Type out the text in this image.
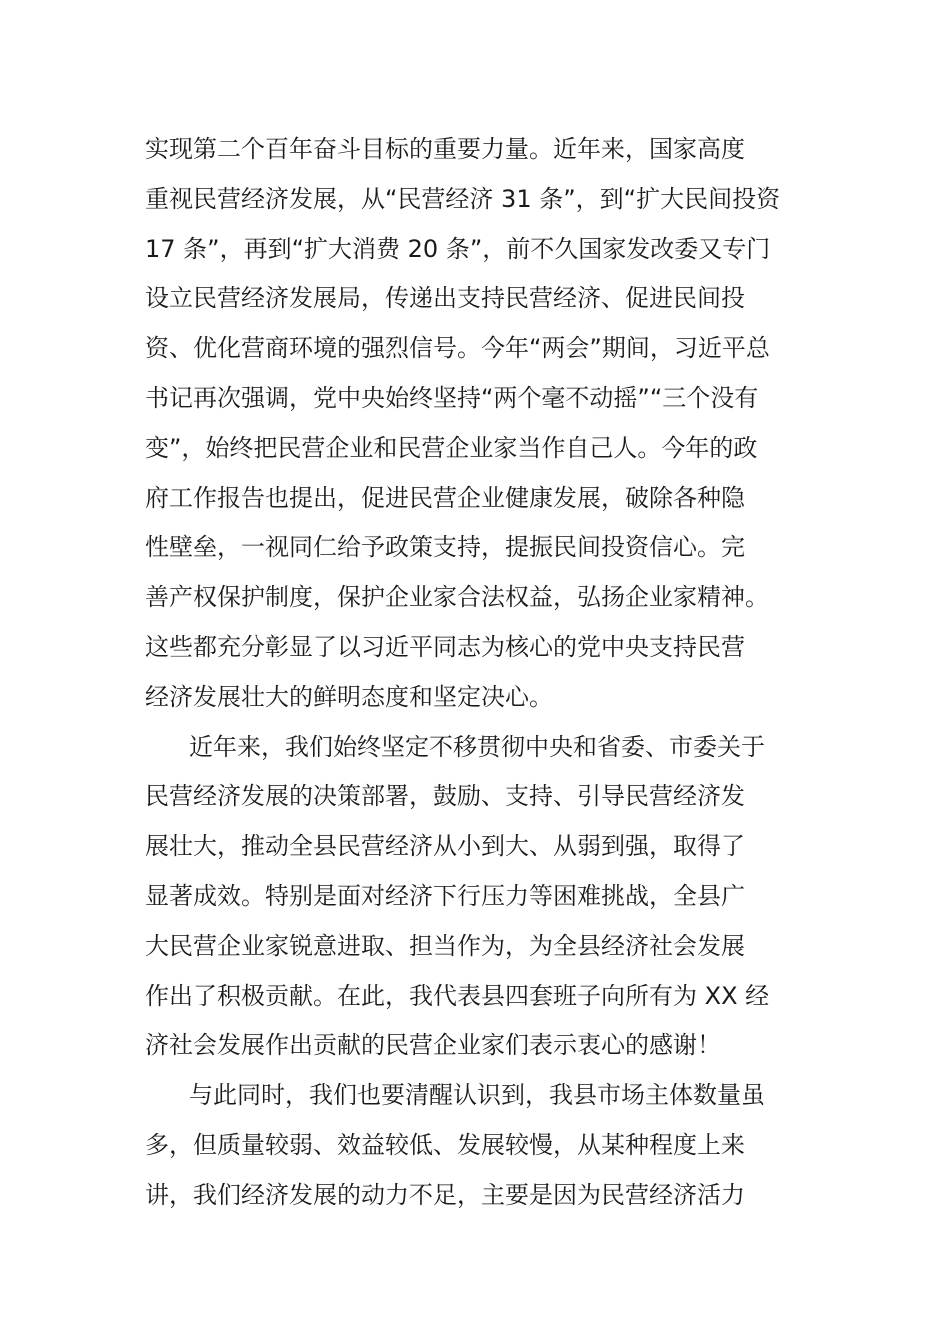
实现第二个百年奋斗目标的重要力量。近年来，国家高度
重视民营经济发展，从“民营经济 31 条”，到“扩大民间投资
17 条”，再到“扩大消费 20 条”，前不久国家发改委又专门
设立民营经济发展局，传递出支持民营经济、促进民间投
资、优化营商环境的强烈信号。今年“两会”期间，习近平总
书记再次强调，党中央始终坚持“两个毫不动摇”“三个没有
变”，始终把民营企业和民营企业家当作自己人。今年的政
府工作报告也提出，促进民营企业健康发展，破除各种隐
性壁垒，一视同仁给予政策支持，提振民间投资信心。完
善产权保护制度，保护企业家合法权益，弘扬企业家精神。
这些都充分彰显了以习近平同志为核心的党中央支持民营
经济发展壮大的鲜明态度和坚定决心。
近年来，我们始终坚定不移贯彻中央和省委、市委关于
民营经济发展的决策部署，鼓励、支持、引导民营经济发
展壮大，推动全县民营经济从小到大、从弱到强，取得了
显著成效。特别是面对经济下行压力等困难挑战，全县广
大民营企业家锐意进取、担当作为，为全县经济社会发展
作出了积极贡献。在此，我代表县四套班子向所有为 XX 经
济社会发展作出贡献的民营企业家们表示衷心的感谢！
与此同时，我们也要清醒认识到，我县市场主体数量虽
多，但质量较弱、效益较低、发展较慢，从某种程度上来
讲，我们经济发展的动力不足，主要是因为民营经济活力
